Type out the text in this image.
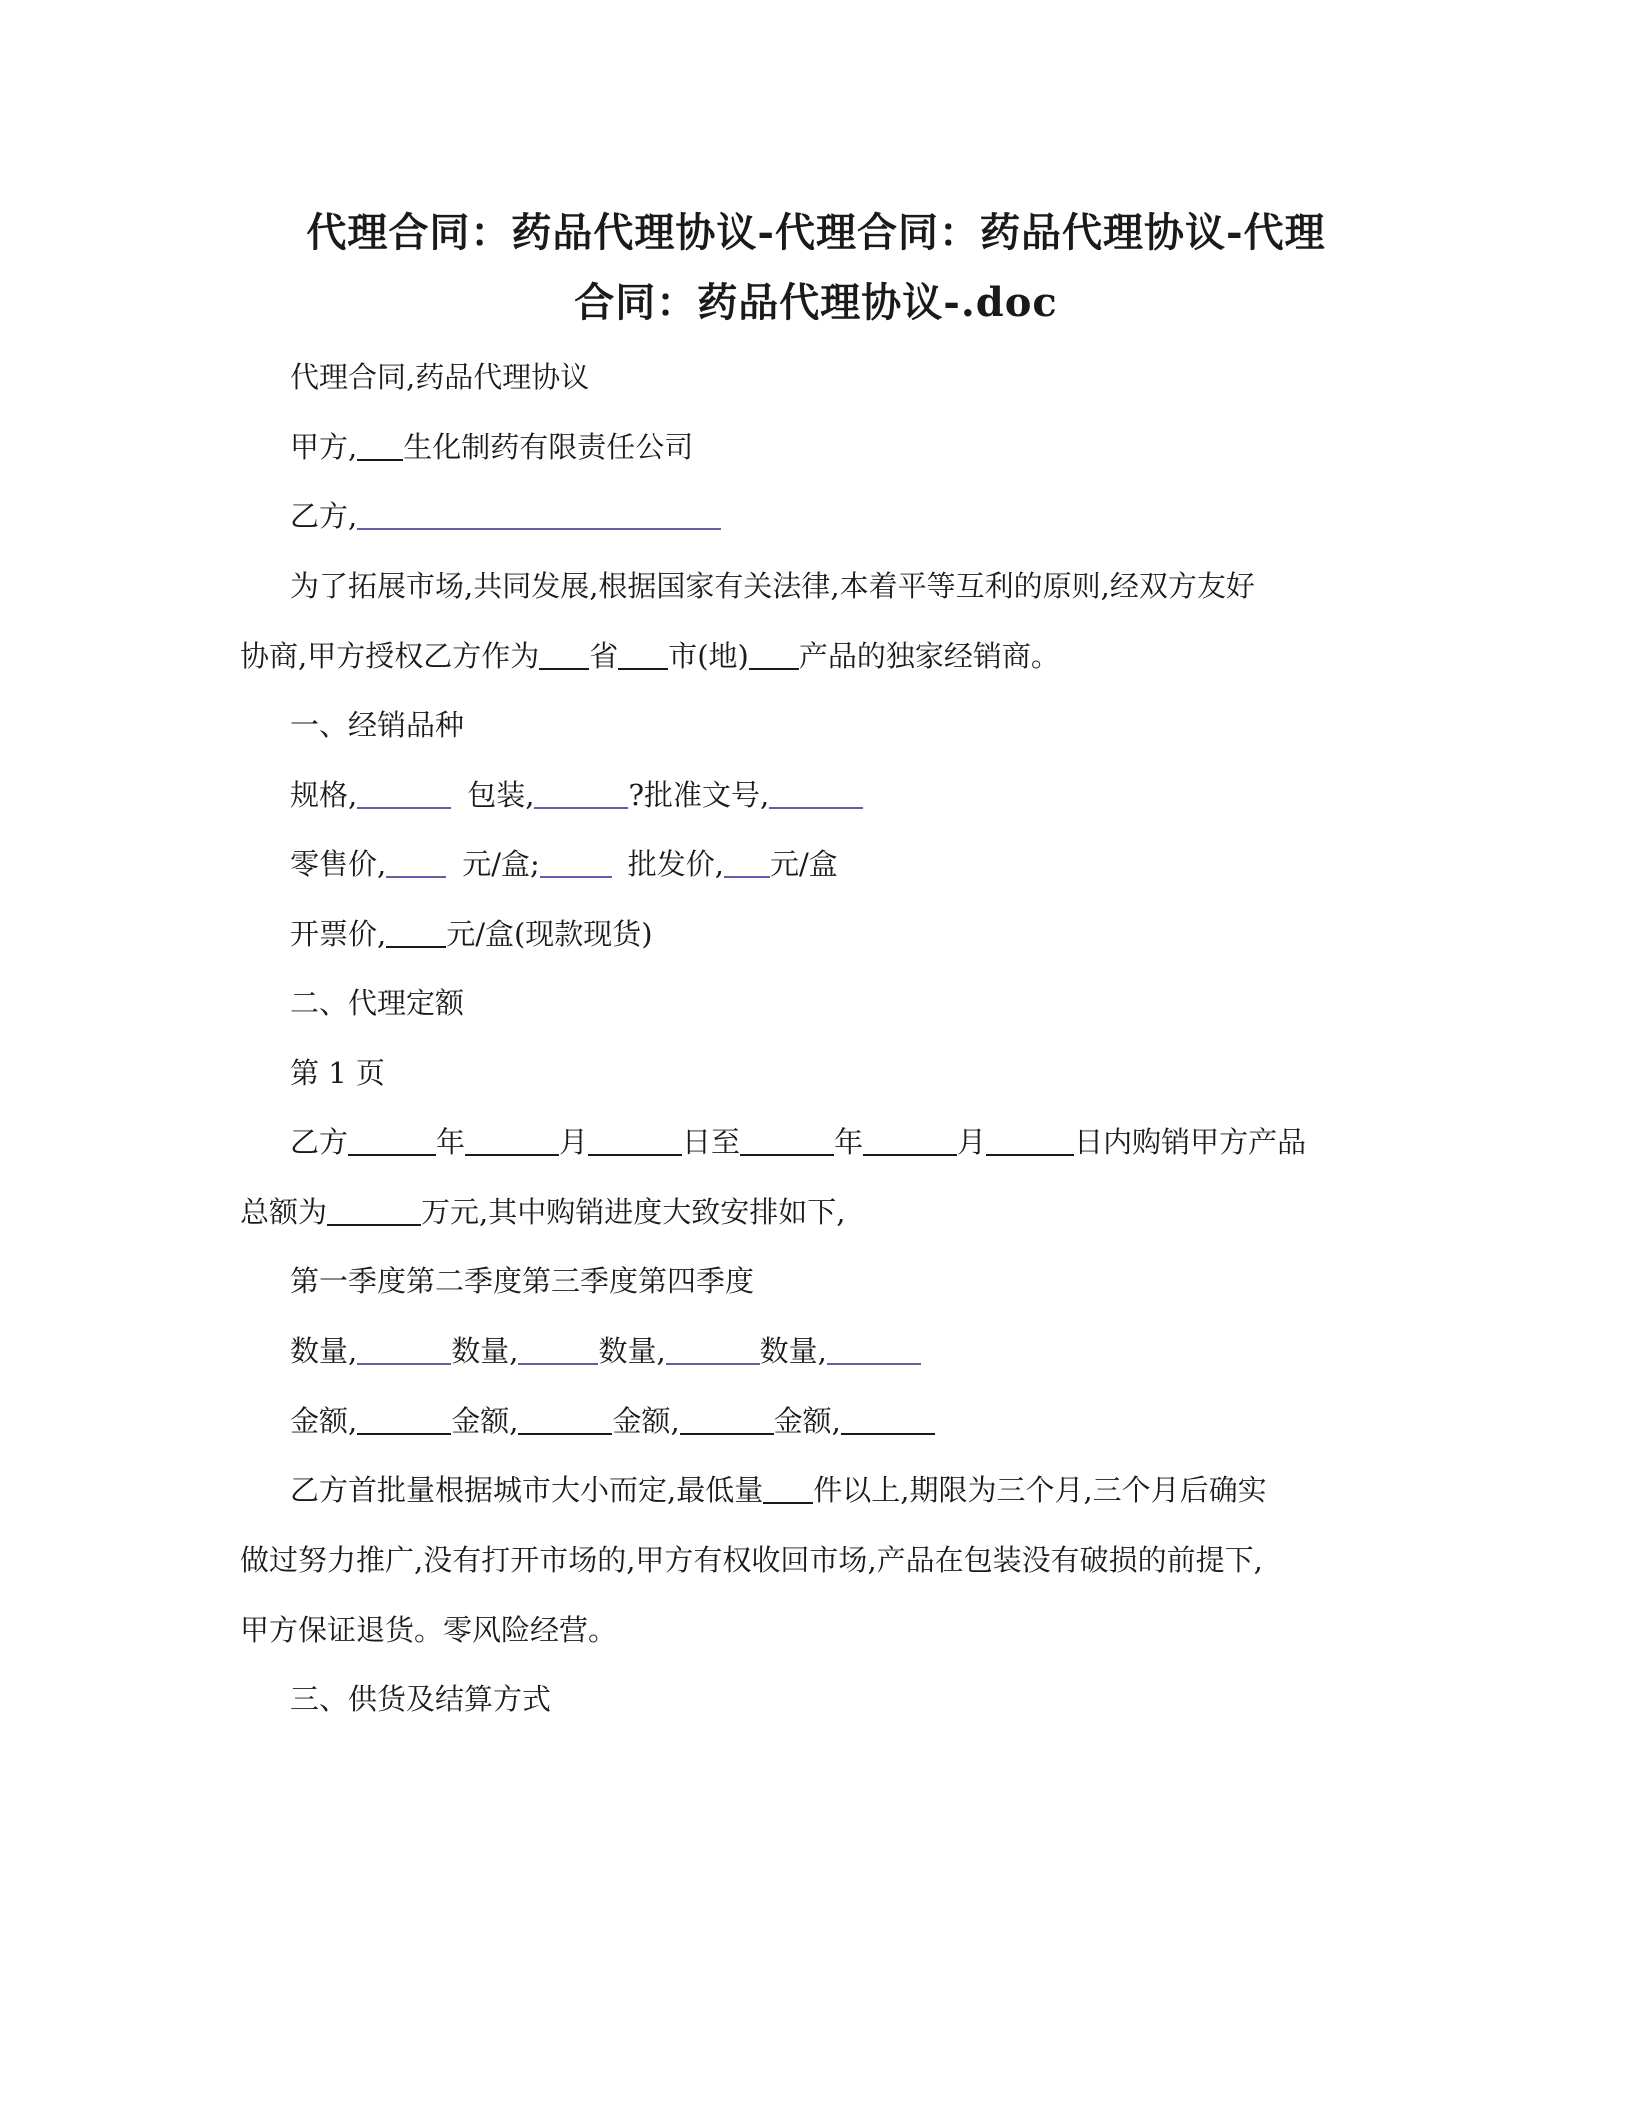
代理合同：药品代理协议-代理合同：药品代理协议-代理
合同：药品代理协议-.doc
代理合同,药品代理协议
甲方, 生化制药有限责任公司
乙方,
为了拓展市场,共同发展,根据国家有关法律,本着平等互利的原则,经双方友好
协商,甲方授权乙方作为 省 市(地) 产品的独家经销商。
一、经销品种
规格,	包装,	?批准文号,
零售价,	元/盒;	批发价, 元/盒
开票价, 元/盒(现款现货)
二、代理定额
第 1 页
乙方	年	月	日至	年	月	日内购销甲方产品
总额为	万元,其中购销进度大致安排如下,
第一季度第二季度第三季度第四季度
数量,	数量,	数量,	数量,
金额,	金额,	金额,	金额,
乙方首批量根据城市大小而定,最低量 件以上,期限为三个月,三个月后确实
做过努力推广,没有打开市场的,甲方有权收回市场,产品在包装没有破损的前提下,
甲方保证退货。零风险经营。
三、供货及结算方式
